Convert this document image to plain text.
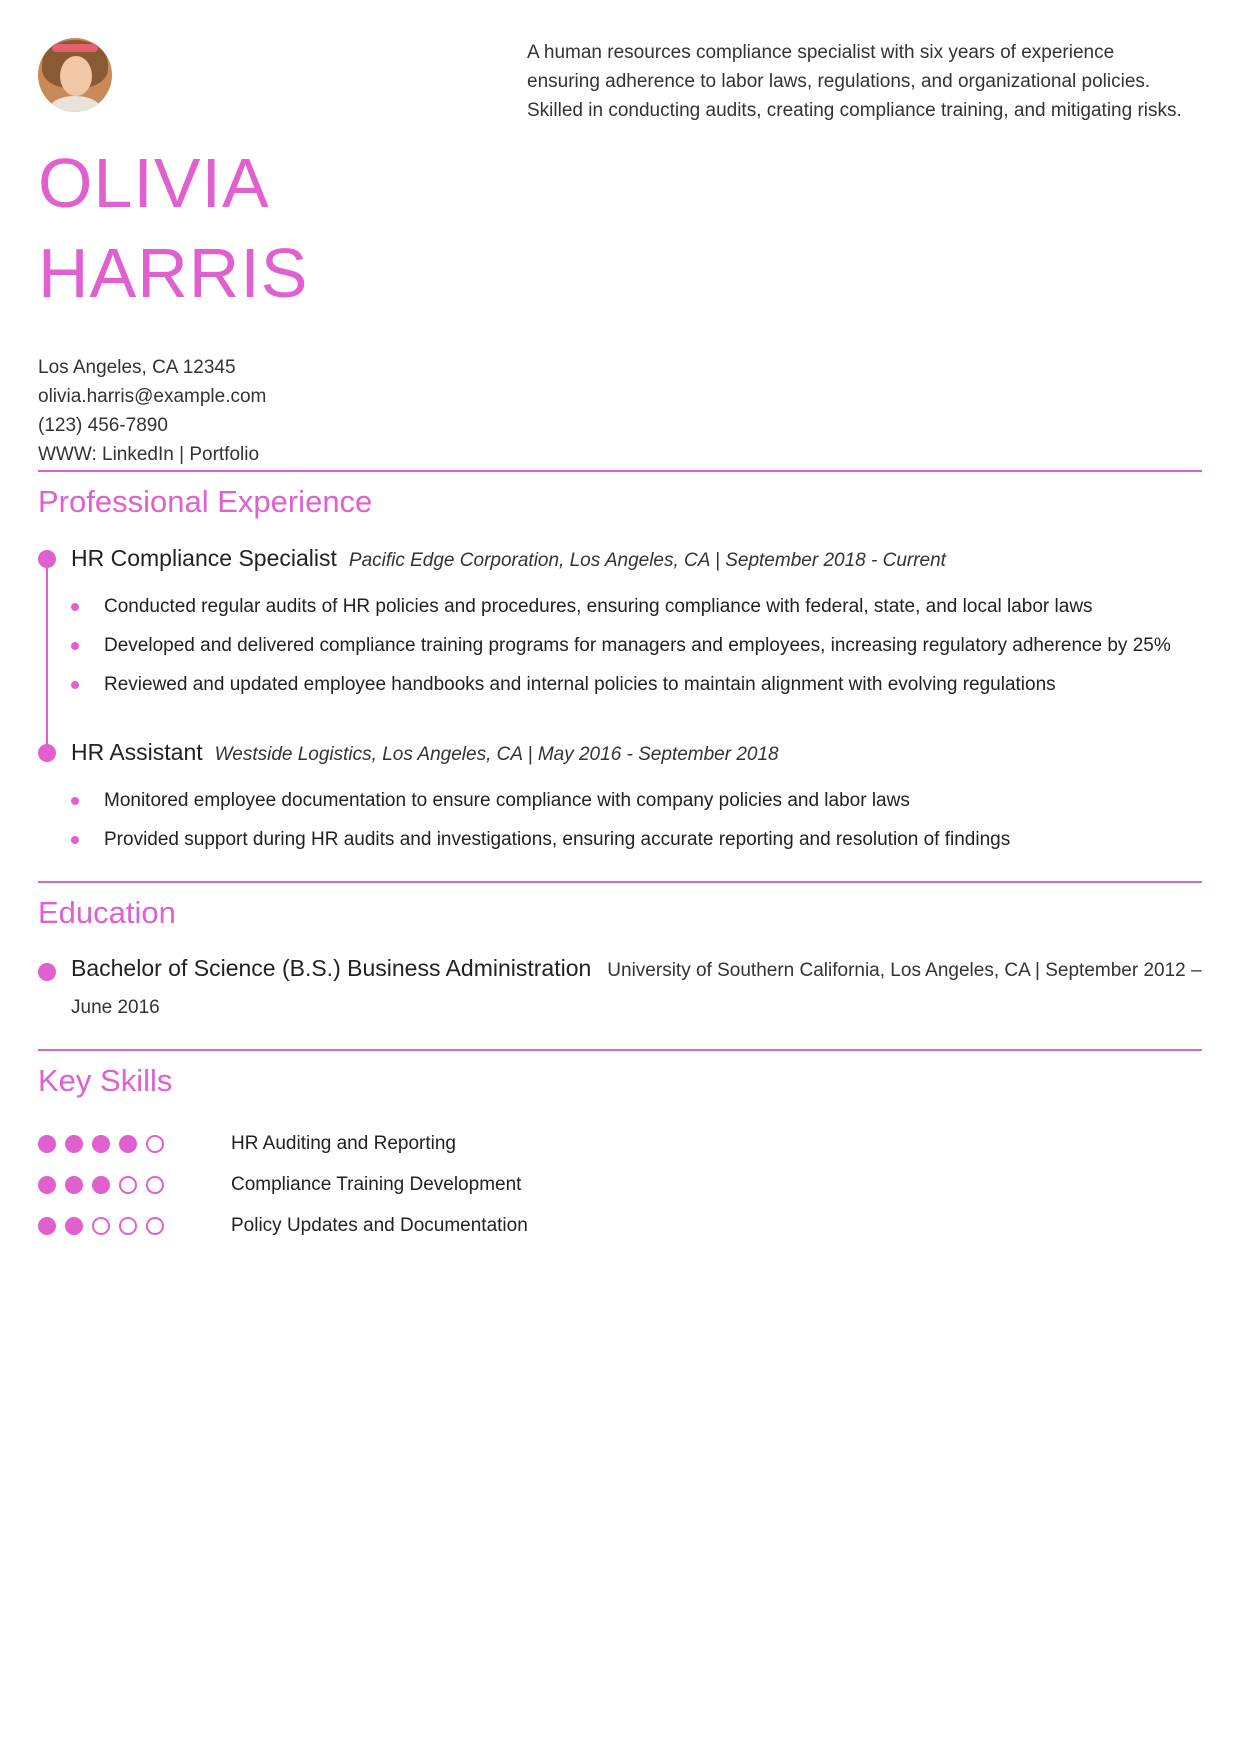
OLIVIA
HARRIS
Los Angeles, CA 12345
olivia.harris@example.com
(123) 456-7890
WWW: LinkedIn | Portfolio
A human resources compliance specialist with six years of experience ensuring adherence to labor laws, regulations, and organizational policies. Skilled in conducting audits, creating compliance training, and mitigating risks.
Professional Experience
HR Compliance Specialist Pacific Edge Corporation, Los Angeles, CA | September 2018 - Current
Conducted regular audits of HR policies and procedures, ensuring compliance with federal, state, and local labor laws
Developed and delivered compliance training programs for managers and employees, increasing regulatory adherence by 25%
Reviewed and updated employee handbooks and internal policies to maintain alignment with evolving regulations
HR Assistant Westside Logistics, Los Angeles, CA | May 2016 - September 2018
Monitored employee documentation to ensure compliance with company policies and labor laws
Provided support during HR audits and investigations, ensuring accurate reporting and resolution of findings
Education
Bachelor of Science (B.S.) Business Administration University of Southern California, Los Angeles, CA | September 2012 – June 2016
Key Skills
HR Auditing and Reporting
Compliance Training Development
Policy Updates and Documentation
